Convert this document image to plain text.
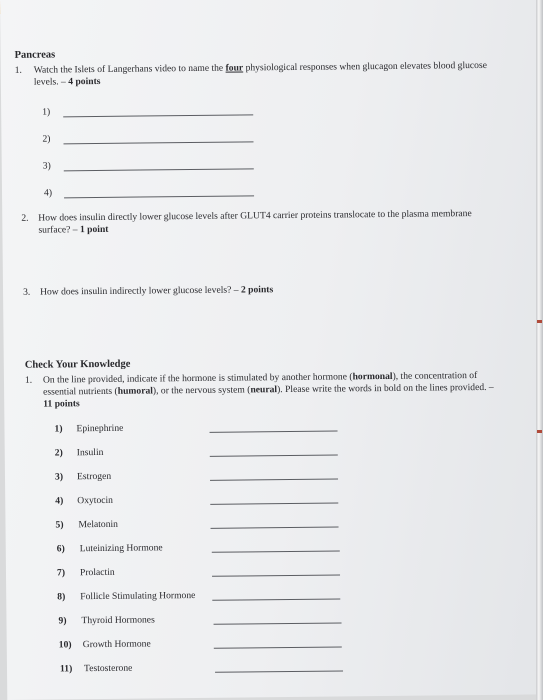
Pancreas
1. Watch the Islets of Langerhans video to name the four physiological responses when glucagon elevates blood glucose
levels. – 4 points
1)
2)
3)
4)
2. How does insulin directly lower glucose levels after GLUT4 carrier proteins translocate to the plasma membrane
surface? – 1 point
3. How does insulin indirectly lower glucose levels? – 2 points
Check Your Knowledge
1. On the line provided, indicate if the hormone is stimulated by another hormone (hormonal), the concentration of
essential nutrients (humoral), or the nervous system (neural). Please write the words in bold on the lines provided. –
11 points
1) Epinephrine
2) Insulin
3) Estrogen
4) Oxytocin
5) Melatonin
6) Luteinizing Hormone
7) Prolactin
8) Follicle Stimulating Hormone
9) Thyroid Hormones
10) Growth Hormone
11) Testosterone
